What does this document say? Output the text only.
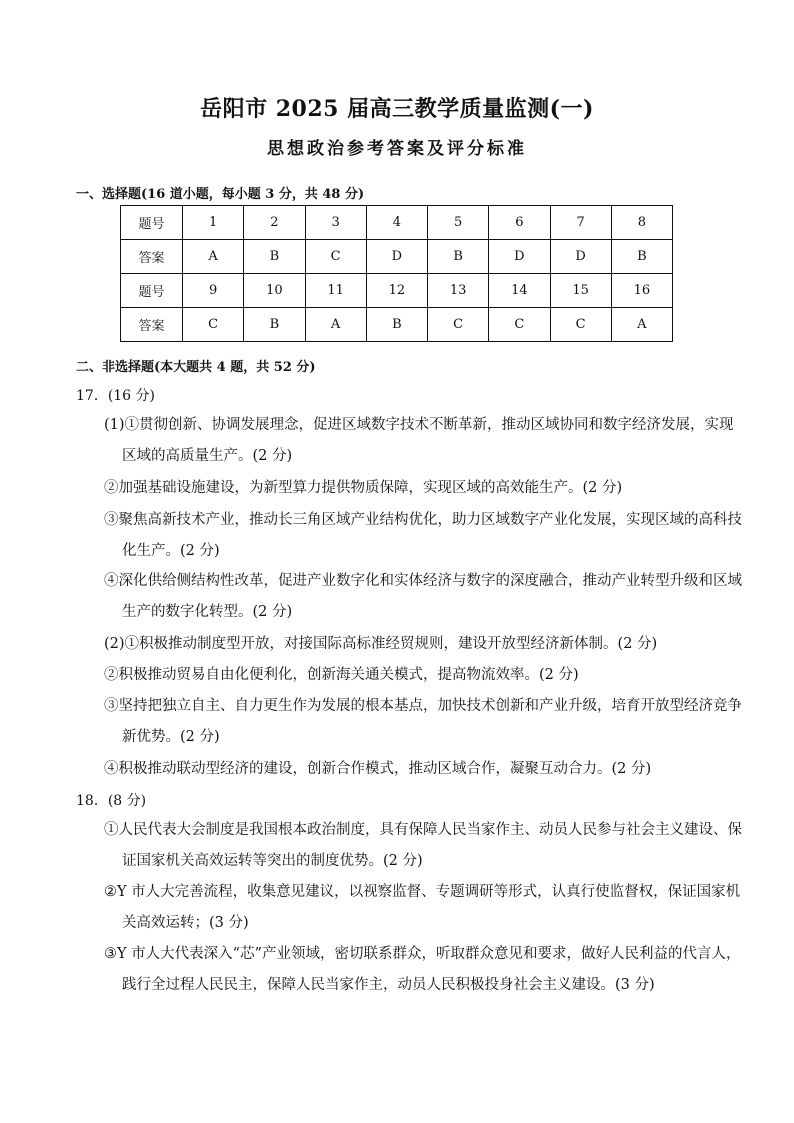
岳阳市 2025 届高三教学质量监测(一)
思想政治参考答案及评分标准
一、选择题(16 道小题，每小题 3 分，共 48 分)
题号	1	2	3	4	5	6	7	8
答案	A	B	C	D	B	D	D	B
题号	9	10	11	12	13	14	15	16
答案	C	B	A	B	C	C	C	A
二、非选择题(本大题共 4 题，共 52 分)
17．(16 分)

(1)①贯彻创新、协调发展理念，促进区域数字技术不断革新，推动区域协同和数字经济发展，实现区域的高质量生产。(2 分)

②加强基础设施建设，为新型算力提供物质保障，实现区域的高效能生产。(2 分)

③聚焦高新技术产业，推动长三角区域产业结构优化，助力区域数字产业化发展，实现区域的高科技化生产。(2 分)

④深化供给侧结构性改革，促进产业数字化和实体经济与数字的深度融合，推动产业转型升级和区域生产的数字化转型。(2 分)

(2)①积极推动制度型开放，对接国际高标准经贸规则，建设开放型经济新体制。(2 分)

②积极推动贸易自由化便利化，创新海关通关模式，提高物流效率。(2 分)

③坚持把独立自主、自力更生作为发展的根本基点，加快技术创新和产业升级，培育开放型经济竞争新优势。(2 分)

④积极推动联动型经济的建设，创新合作模式，推动区域合作，凝聚互动合力。(2 分)

18．(8 分)

①人民代表大会制度是我国根本政治制度，具有保障人民当家作主、动员人民参与社会主义建设、保证国家机关高效运转等突出的制度优势。(2 分)

②Y 市人大完善流程，收集意见建议，以视察监督、专题调研等形式，认真行使监督权，保证国家机关高效运转；(3 分)

③Y 市人大代表深入“芯”产业领域，密切联系群众，听取群众意见和要求，做好人民利益的代言人，践行全过程人民民主，保障人民当家作主，动员人民积极投身社会主义建设。(3 分)
